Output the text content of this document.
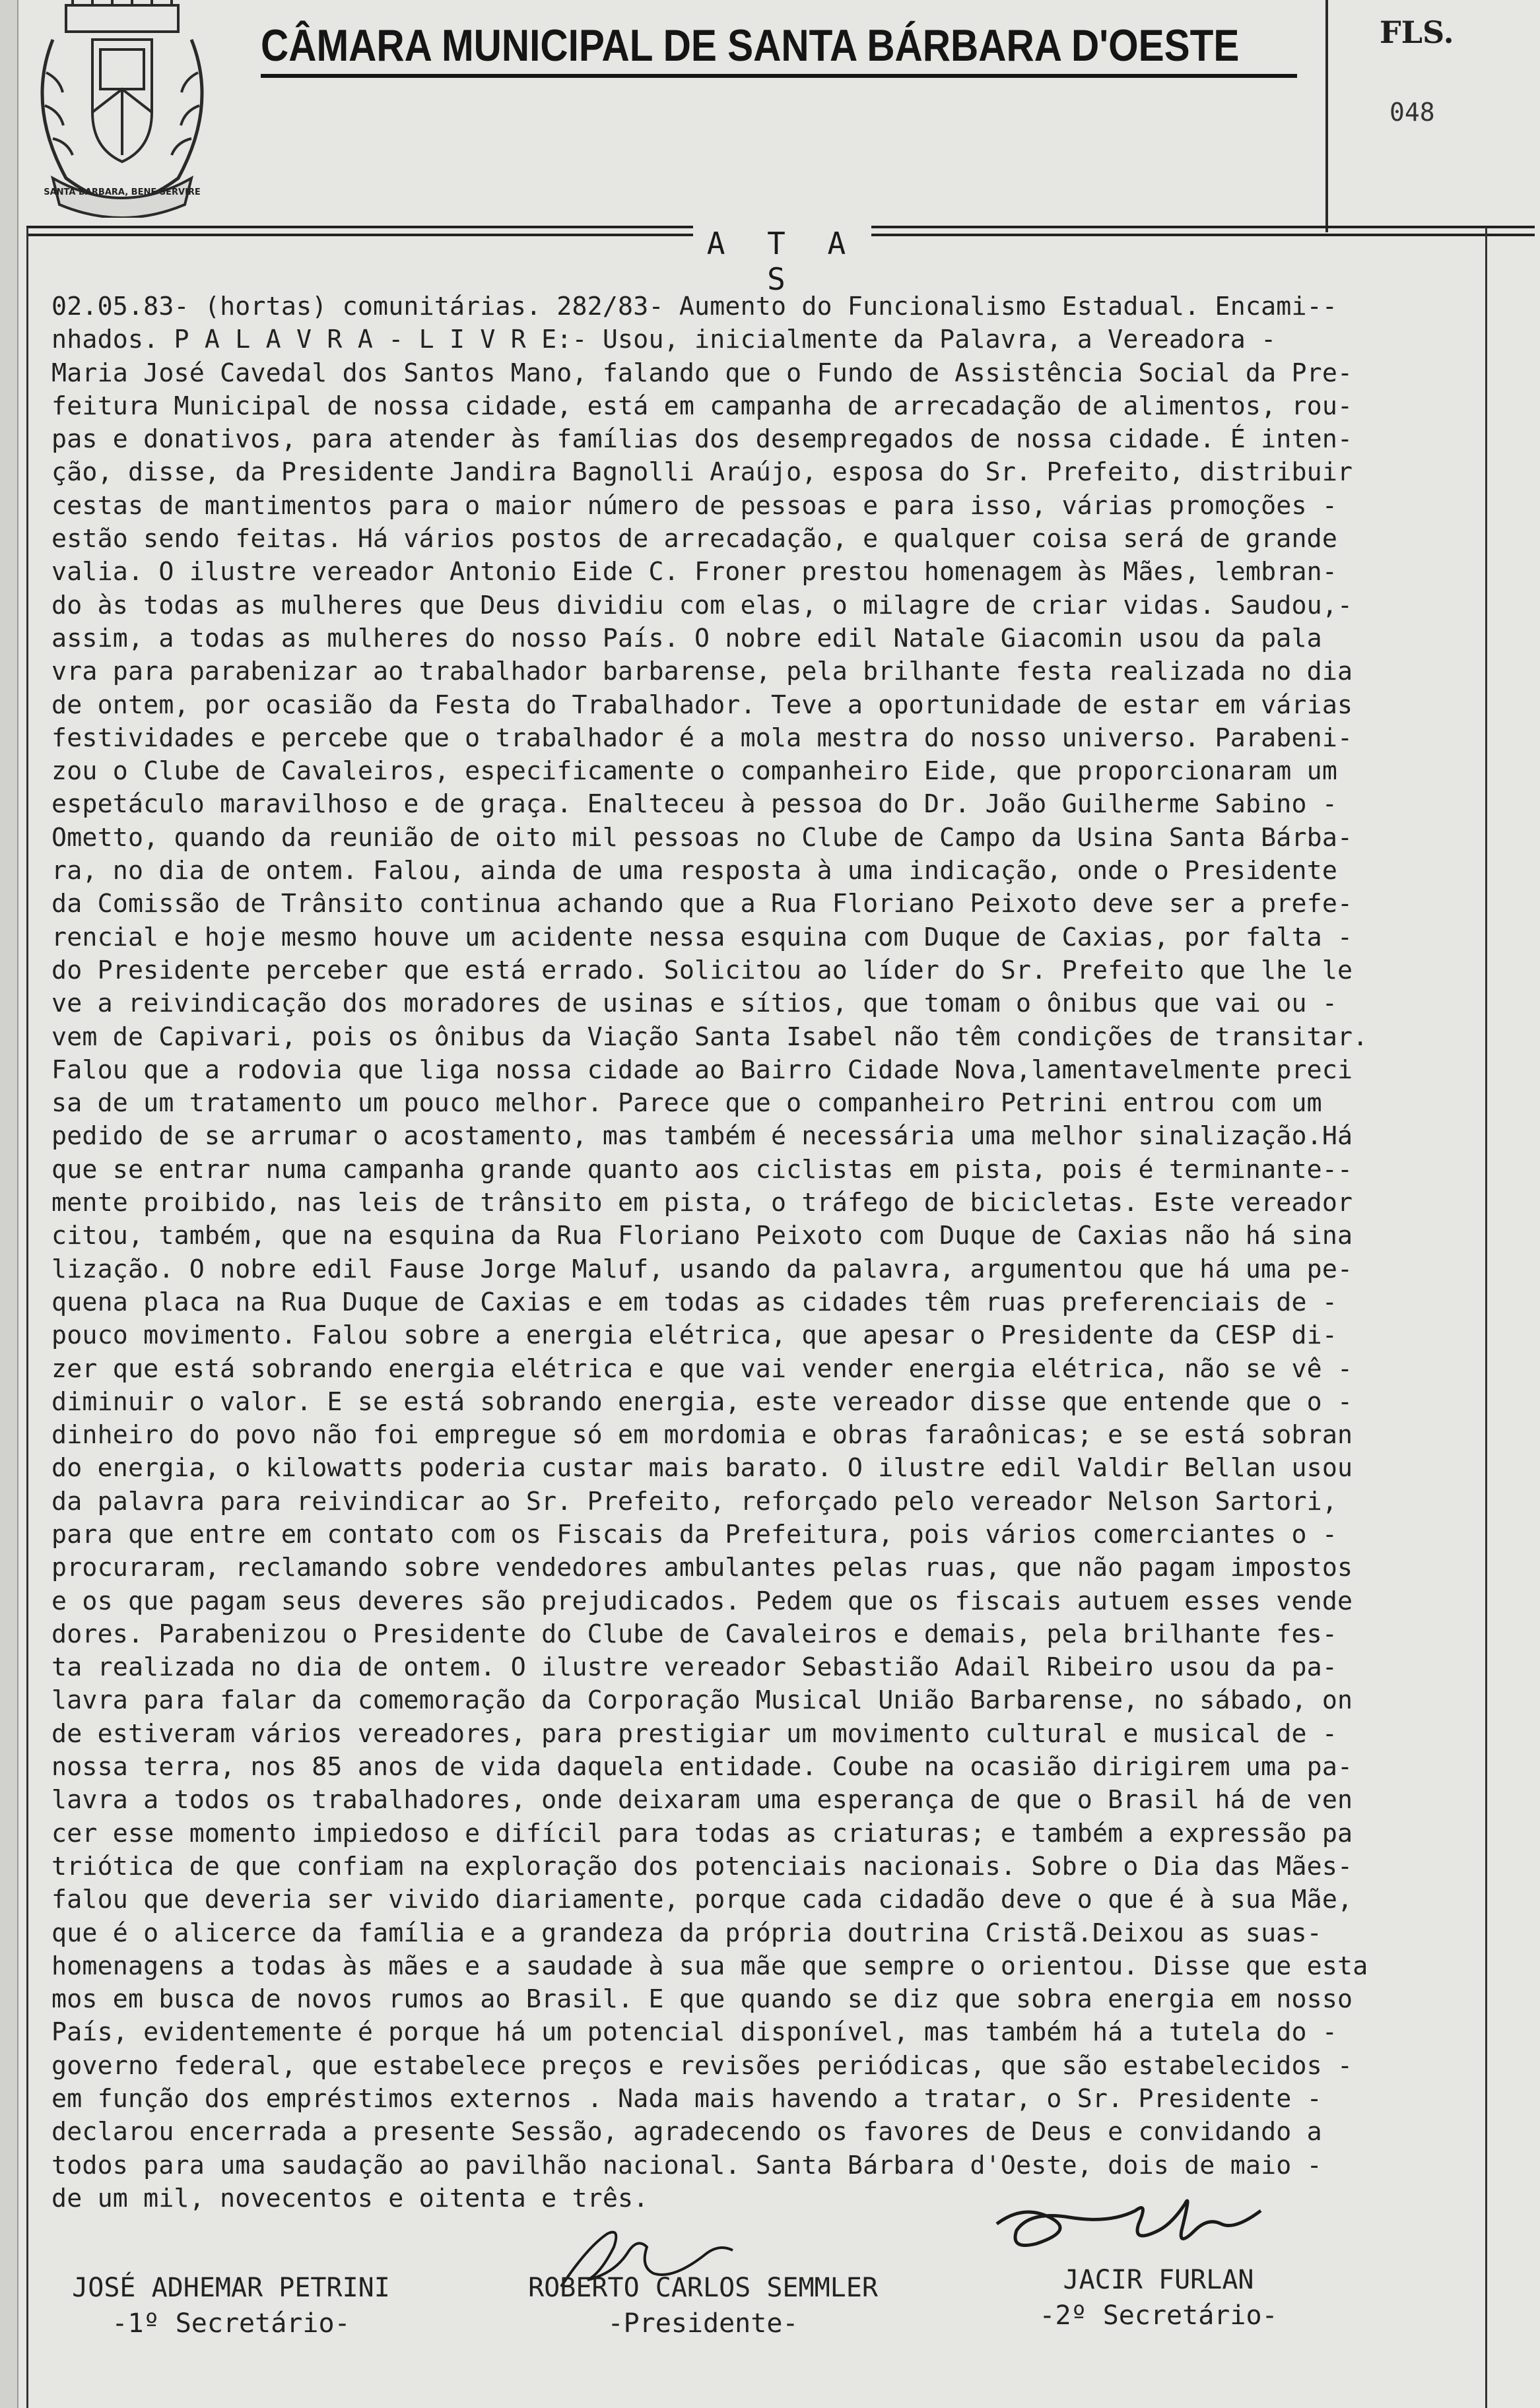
SANTA BARBARA, BENE SERVIRE
CÂMARA MUNICIPAL DE SANTA BÁRBARA D'OESTE	FLS.
048
A T A S

02.05.83- (hortas) comunitárias. 282/83- Aumento do Funcionalismo Estadual. Encami--

nhados. P A L A V R A - L I V R E:- Usou, inicialmente da Palavra, a Vereadora -

Maria José Cavedal dos Santos Mano, falando que o Fundo de Assistência Social da Pre-

feitura Municipal de nossa cidade, está em campanha de arrecadação de alimentos, rou-

pas e donativos, para atender às famílias dos desempregados de nossa cidade. É inten-

ção, disse, da Presidente Jandira Bagnolli Araújo, esposa do Sr. Prefeito, distribuir

cestas de mantimentos para o maior número de pessoas e para isso, várias promoções -

estão sendo feitas. Há vários postos de arrecadação, e qualquer coisa será de grande

valia. O ilustre vereador Antonio Eide C. Froner prestou homenagem às Mães, lembran-

do às todas as mulheres que Deus dividiu com elas, o milagre de criar vidas. Saudou,-

assim, a todas as mulheres do nosso País. O nobre edil Natale Giacomin usou da pala

vra para parabenizar ao trabalhador barbarense, pela brilhante festa realizada no dia

de ontem, por ocasião da Festa do Trabalhador. Teve a oportunidade de estar em várias

festividades e percebe que o trabalhador é a mola mestra do nosso universo. Parabeni-

zou o Clube de Cavaleiros, especificamente o companheiro Eide, que proporcionaram um

espetáculo maravilhoso e de graça. Enalteceu à pessoa do Dr. João Guilherme Sabino -

Ometto, quando da reunião de oito mil pessoas no Clube de Campo da Usina Santa Bárba-

ra, no dia de ontem. Falou, ainda de uma resposta à uma indicação, onde o Presidente

da Comissão de Trânsito continua achando que a Rua Floriano Peixoto deve ser a prefe-

rencial e hoje mesmo houve um acidente nessa esquina com Duque de Caxias, por falta -

do Presidente perceber que está errado. Solicitou ao líder do Sr. Prefeito que lhe le

ve a reivindicação dos moradores de usinas e sítios, que tomam o ônibus que vai ou -

vem de Capivari, pois os ônibus da Viação Santa Isabel não têm condições de transitar.

Falou que a rodovia que liga nossa cidade ao Bairro Cidade Nova,lamentavelmente preci

sa de um tratamento um pouco melhor. Parece que o companheiro Petrini entrou com um

pedido de se arrumar o acostamento, mas também é necessária uma melhor sinalização.Há

que se entrar numa campanha grande quanto aos ciclistas em pista, pois é terminante--

mente proibido, nas leis de trânsito em pista, o tráfego de bicicletas. Este vereador

citou, também, que na esquina da Rua Floriano Peixoto com Duque de Caxias não há sina

lização. O nobre edil Fause Jorge Maluf, usando da palavra, argumentou que há uma pe-

quena placa na Rua Duque de Caxias e em todas as cidades têm ruas preferenciais de -

pouco movimento. Falou sobre a energia elétrica, que apesar o Presidente da CESP di-

zer que está sobrando energia elétrica e que vai vender energia elétrica, não se vê -

diminuir o valor. E se está sobrando energia, este vereador disse que entende que o -

dinheiro do povo não foi empregue só em mordomia e obras faraônicas; e se está sobran

do energia, o kilowatts poderia custar mais barato. O ilustre edil Valdir Bellan usou

da palavra para reivindicar ao Sr. Prefeito, reforçado pelo vereador Nelson Sartori,

para que entre em contato com os Fiscais da Prefeitura, pois vários comerciantes o -

procuraram, reclamando sobre vendedores ambulantes pelas ruas, que não pagam impostos

e os que pagam seus deveres são prejudicados. Pedem que os fiscais autuem esses vende

dores. Parabenizou o Presidente do Clube de Cavaleiros e demais, pela brilhante fes-

ta realizada no dia de ontem. O ilustre vereador Sebastião Adail Ribeiro usou da pa-

lavra para falar da comemoração da Corporação Musical União Barbarense, no sábado, on

de estiveram vários vereadores, para prestigiar um movimento cultural e musical de -

nossa terra, nos 85 anos de vida daquela entidade. Coube na ocasião dirigirem uma pa-

lavra a todos os trabalhadores, onde deixaram uma esperança de que o Brasil há de ven

cer esse momento impiedoso e difícil para todas as criaturas; e também a expressão pa

triótica de que confiam na exploração dos potenciais nacionais. Sobre o Dia das Mães-

falou que deveria ser vivido diariamente, porque cada cidadão deve o que é à sua Mãe,

que é o alicerce da família e a grandeza da própria doutrina Cristã.Deixou as suas-

homenagens a todas às mães e a saudade à sua mãe que sempre o orientou. Disse que esta

mos em busca de novos rumos ao Brasil. E que quando se diz que sobra energia em nosso

País, evidentemente é porque há um potencial disponível, mas também há a tutela do -

governo federal, que estabelece preços e revisões periódicas, que são estabelecidos -

em função dos empréstimos externos . Nada mais havendo a tratar, o Sr. Presidente -

declarou encerrada a presente Sessão, agradecendo os favores de Deus e convidando a

todos para uma saudação ao pavilhão nacional. Santa Bárbara d'Oeste, dois de maio -

de um mil, novecentos e oitenta e três.

JOSÉ ADHEMAR PETRINI
-1º Secretário-
ROBERTO CARLOS SEMMLER
-Presidente-
JACIR FURLAN
-2º Secretário-
